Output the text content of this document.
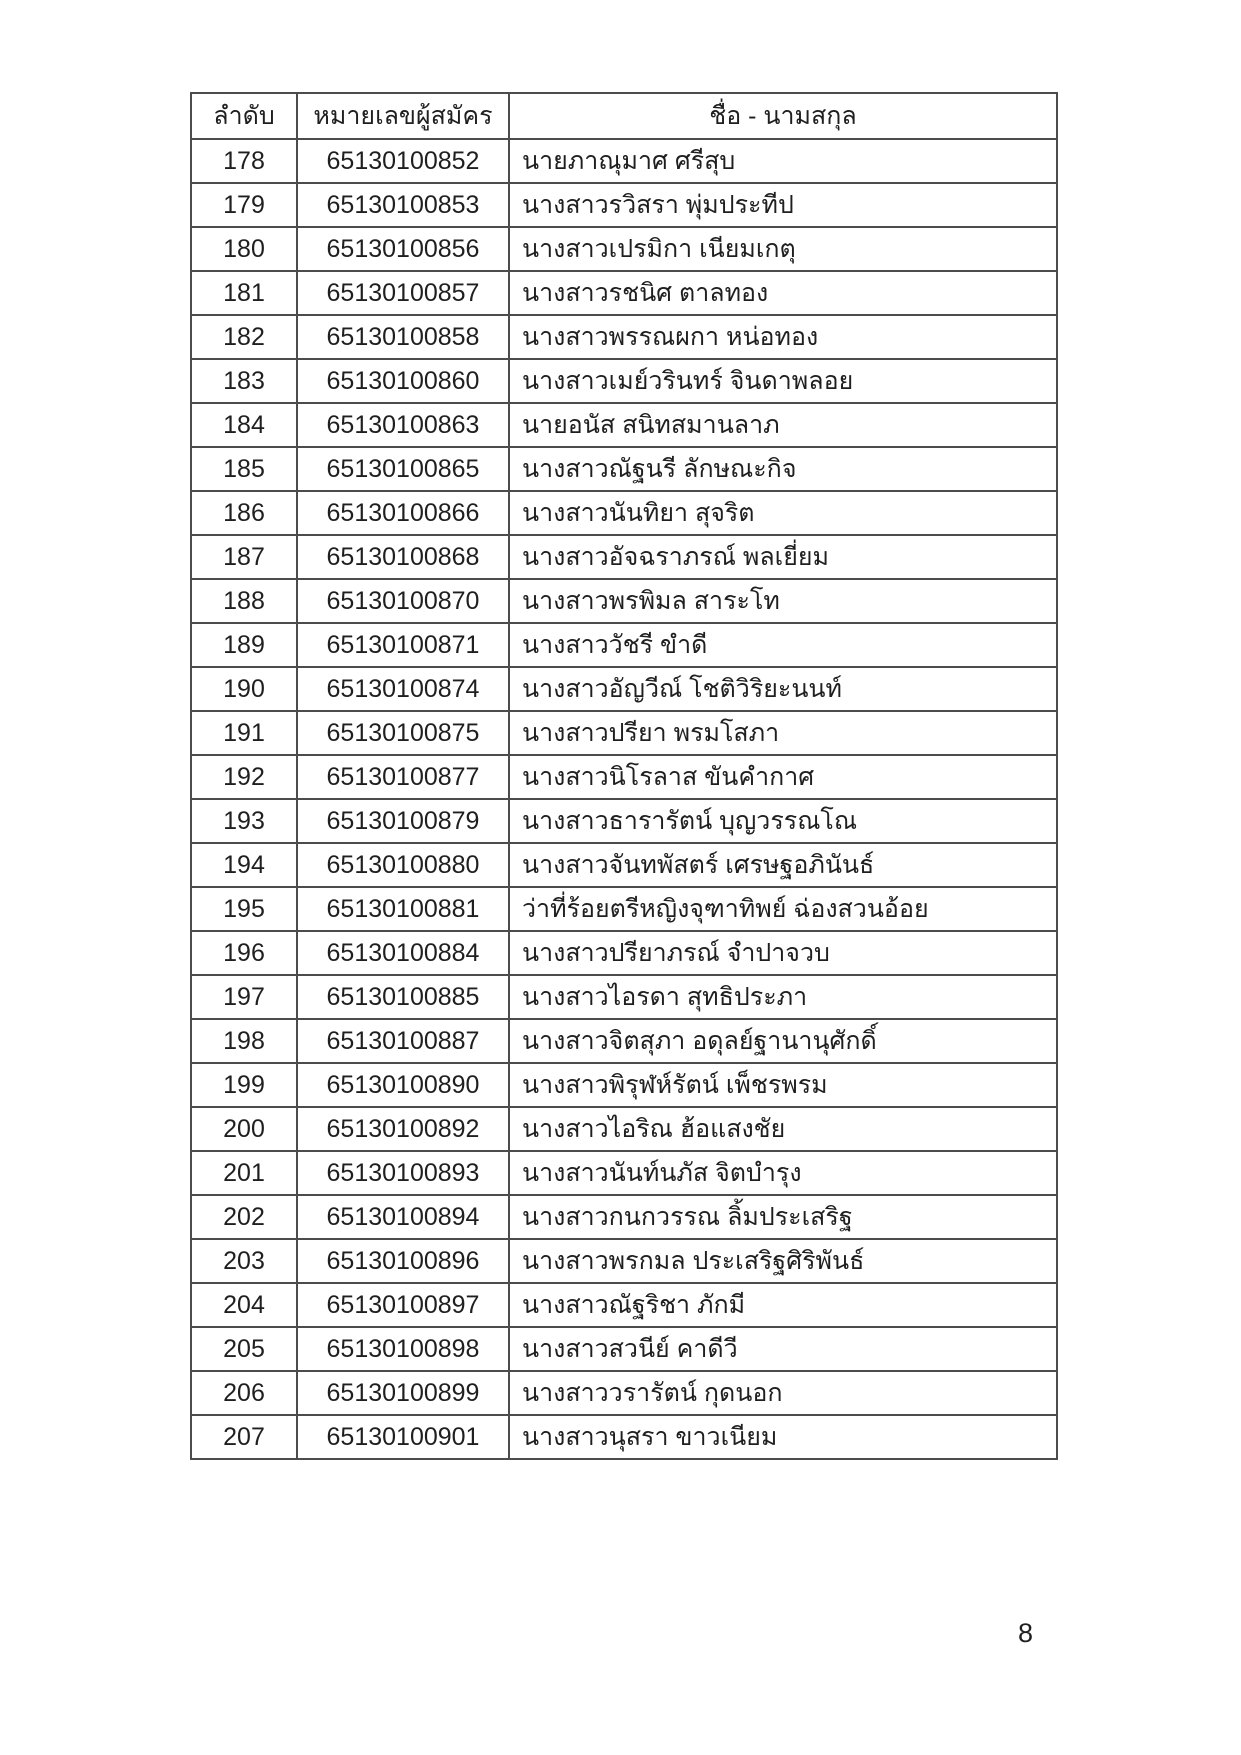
ลำดับ	หมายเลขผู้สมัคร	ชื่อ - นามสกุล
178	65130100852	นายภาณุมาศ ศรีสุบ
179	65130100853	นางสาวรวิสรา พุ่มประทีป
180	65130100856	นางสาวเปรมิกา เนียมเกตุ
181	65130100857	นางสาวรชนิศ ตาลทอง
182	65130100858	นางสาวพรรณผกา หน่อทอง
183	65130100860	นางสาวเมย์วรินทร์ จินดาพลอย
184	65130100863	นายอนัส สนิทสมานลาภ
185	65130100865	นางสาวณัฐนรี ลักษณะกิจ
186	65130100866	นางสาวนันทิยา สุจริต
187	65130100868	นางสาวอัจฉราภรณ์ พลเยี่ยม
188	65130100870	นางสาวพรพิมล สาระโท
189	65130100871	นางสาววัชรี ขำดี
190	65130100874	นางสาวอัญวีณ์ โชติวิริยะนนท์
191	65130100875	นางสาวปรียา พรมโสภา
192	65130100877	นางสาวนิโรลาส ขันคำกาศ
193	65130100879	นางสาวธารารัตน์ บุญวรรณโณ
194	65130100880	นางสาวจันทพัสตร์ เศรษฐอภินันธ์
195	65130100881	ว่าที่ร้อยตรีหญิงจุฑาทิพย์ ฉ่องสวนอ้อย
196	65130100884	นางสาวปรียาภรณ์ จำปาจวบ
197	65130100885	นางสาวไอรดา สุทธิประภา
198	65130100887	นางสาวจิตสุภา อดุลย์ฐานานุศักดิ์
199	65130100890	นางสาวพิรุฬห์รัตน์ เพ็ชรพรม
200	65130100892	นางสาวไอริณ ฮ้อแสงชัย
201	65130100893	นางสาวนันท์นภัส จิตบำรุง
202	65130100894	นางสาวกนกวรรณ ลิ้มประเสริฐ
203	65130100896	นางสาวพรกมล ประเสริฐศิริพันธ์
204	65130100897	นางสาวณัฐริชา ภักมี
205	65130100898	นางสาวสวนีย์ คาดีวี
206	65130100899	นางสาววรารัตน์ กุดนอก
207	65130100901	นางสาวนุสรา ขาวเนียม
8
